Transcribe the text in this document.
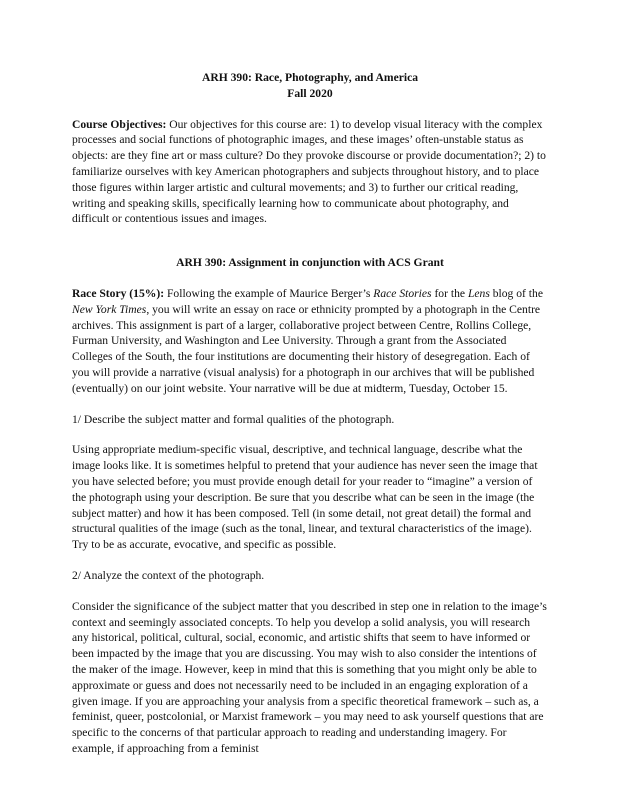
ARH 390: Race, Photography, and America
Fall 2020

Course Objectives: Our objectives for this course are: 1) to develop visual literacy with the complex processes and social functions of photographic images, and these images’ often-unstable status as objects: are they fine art or mass culture? Do they provoke discourse or provide documentation?; 2) to familiarize ourselves with key American photographers and subjects throughout history, and to place those figures within larger artistic and cultural movements; and 3) to further our critical reading, writing and speaking skills, specifically learning how to communicate about photography, and difficult or contentious issues and images.

ARH 390: Assignment in conjunction with ACS Grant

Race Story (15%): Following the example of Maurice Berger’s Race Stories for the Lens blog of the New York Times, you will write an essay on race or ethnicity prompted by a photograph in the Centre archives. This assignment is part of a larger, collaborative project between Centre, Rollins College, Furman University, and Washington and Lee University. Through a grant from the Associated Colleges of the South, the four institutions are documenting their history of desegregation. Each of you will provide a narrative (visual analysis) for a photograph in our archives that will be published (eventually) on our joint website. Your narrative will be due at midterm, Tuesday, October 15.

1/ Describe the subject matter and formal qualities of the photograph.

Using appropriate medium-specific visual, descriptive, and technical language, describe what the image looks like. It is sometimes helpful to pretend that your audience has never seen the image that you have selected before; you must provide enough detail for your reader to “imagine” a version of the photograph using your description. Be sure that you describe what can be seen in the image (the subject matter) and how it has been composed. Tell (in some detail, not great detail) the formal and structural qualities of the image (such as the tonal, linear, and textural characteristics of the image). Try to be as accurate, evocative, and specific as possible.

2/ Analyze the context of the photograph.

Consider the significance of the subject matter that you described in step one in relation to the image’s context and seemingly associated concepts. To help you develop a solid analysis, you will research any historical, political, cultural, social, economic, and artistic shifts that seem to have informed or been impacted by the image that you are discussing. You may wish to also consider the intentions of the maker of the image. However, keep in mind that this is something that you might only be able to approximate or guess and does not necessarily need to be included in an engaging exploration of a given image. If you are approaching your analysis from a specific theoretical framework – such as, a feminist, queer, postcolonial, or Marxist framework – you may need to ask yourself questions that are specific to the concerns of that particular approach to reading and understanding imagery. For example, if approaching from a feminist
